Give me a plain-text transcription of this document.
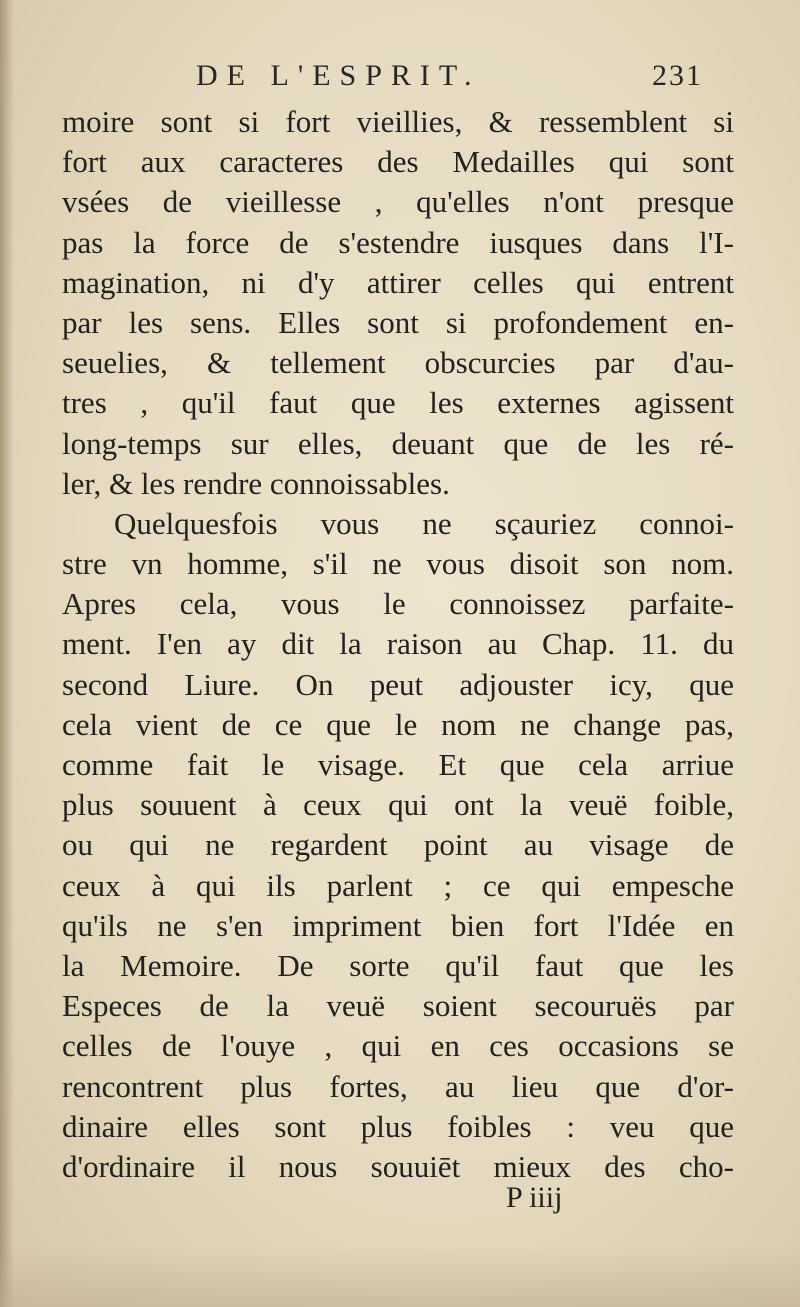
DE L'ESPRIT.	231
moire sont si fort vieillies, & ressemblent si
fort aux caracteres des Medailles qui sont
vsées de vieillesse , qu'elles n'ont presque
pas la force de s'estendre iusques dans l'I-
magination, ni d'y attirer celles qui entrent
par les sens. Elles sont si profondement en-
seuelies, & tellement obscurcies par d'au-
tres , qu'il faut que les externes agissent
long-temps sur elles, deuant que de les ré-
ler, & les rendre connoissables.
Quelquesfois vous ne sçauriez connoi-
stre vn homme, s'il ne vous disoit son nom.
Apres cela, vous le connoissez parfaite-
ment. I'en ay dit la raison au Chap. 11. du
second Liure. On peut adjouster icy, que
cela vient de ce que le nom ne change pas,
comme fait le visage. Et que cela arriue
plus souuent à ceux qui ont la veuë foible,
ou qui ne regardent point au visage de
ceux à qui ils parlent ; ce qui empesche
qu'ils ne s'en impriment bien fort l'Idée en
la Memoire. De sorte qu'il faut que les
Especes de la veuë soient secouruës par
celles de l'ouye , qui en ces occasions se
rencontrent plus fortes, au lieu que d'or-
dinaire elles sont plus foibles : veu que
d'ordinaire il nous souuiēt mieux des cho-
P iiij
